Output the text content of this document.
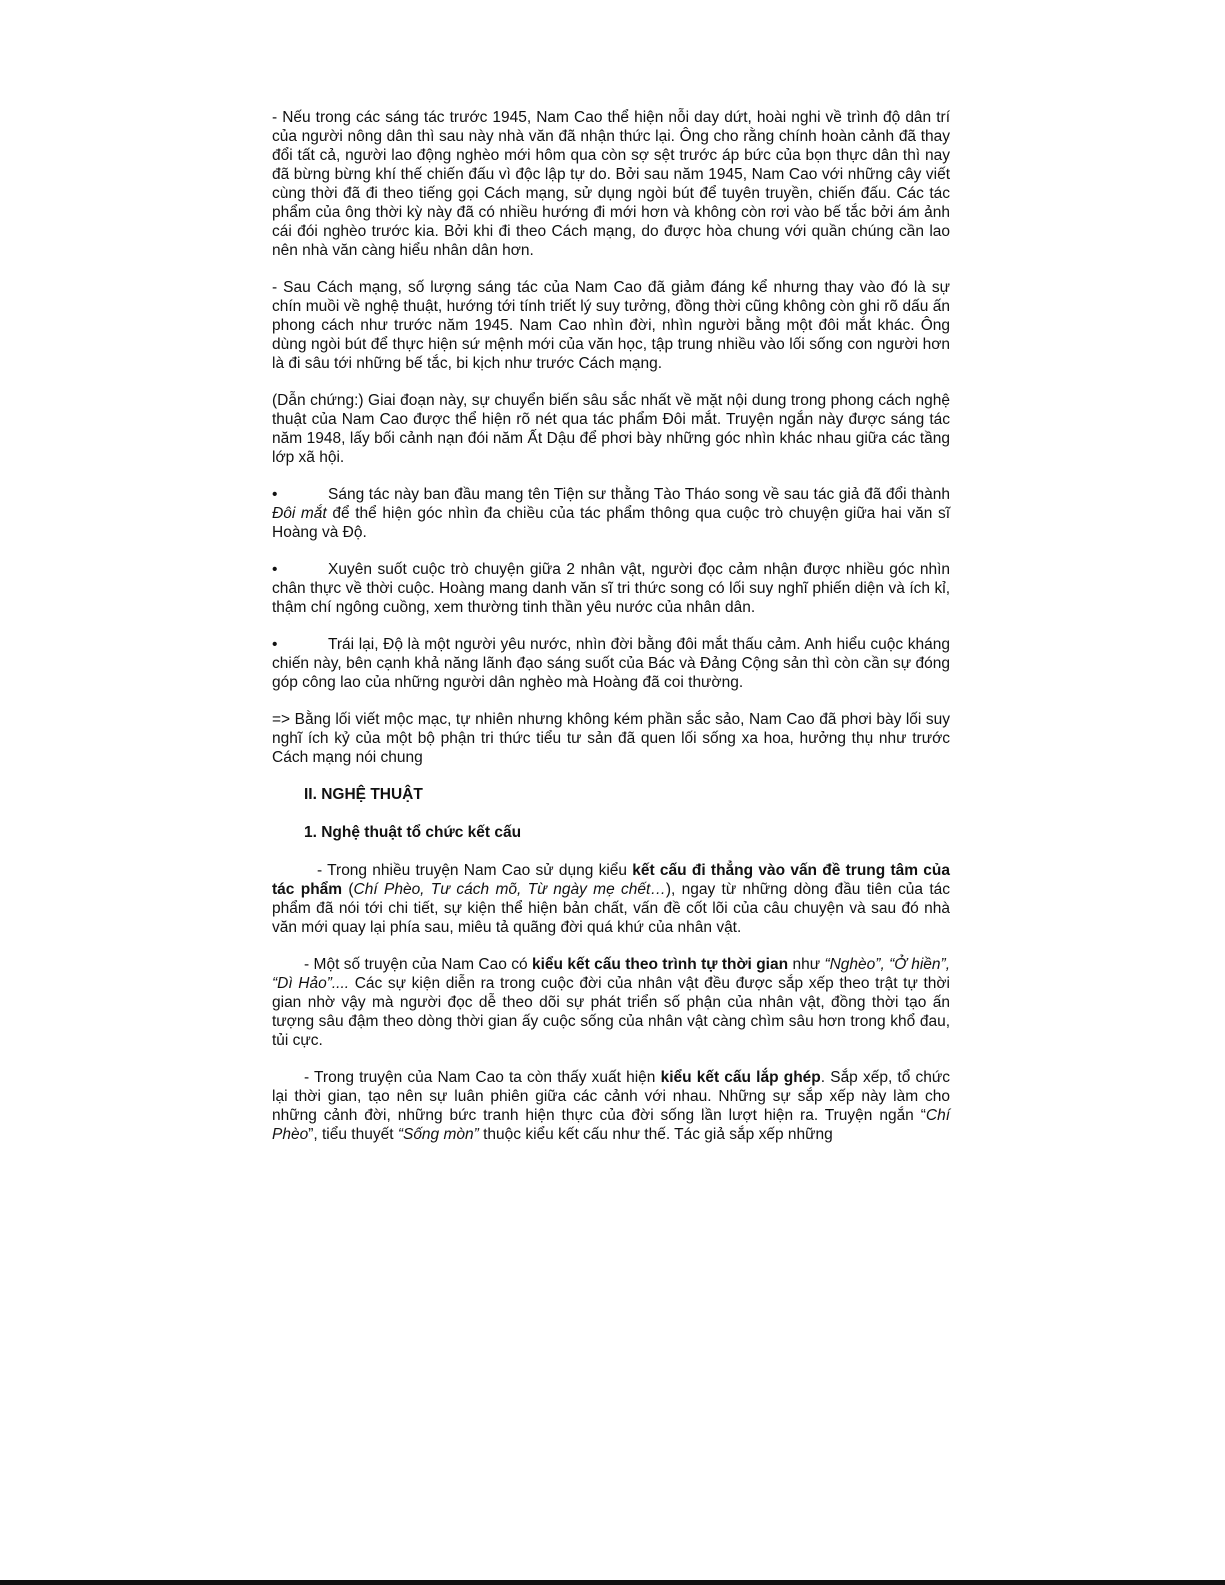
- Nếu trong các sáng tác trước 1945, Nam Cao thể hiện nỗi day dứt, hoài nghi về trình độ dân trí của người nông dân thì sau này nhà văn đã nhận thức lại. Ông cho rằng chính hoàn cảnh đã thay đổi tất cả, người lao động nghèo mới hôm qua còn sợ sệt trước áp bức của bọn thực dân thì nay đã bừng bừng khí thế chiến đấu vì độc lập tự do. Bởi sau năm 1945, Nam Cao với những cây viết cùng thời đã đi theo tiếng gọi Cách mạng, sử dụng ngòi bút để tuyên truyền, chiến đấu. Các tác phẩm của ông thời kỳ này đã có nhiều hướng đi mới hơn và không còn rơi vào bế tắc bởi ám ảnh cái đói nghèo trước kia. Bởi khi đi theo Cách mạng, do được hòa chung với quần chúng cần lao nên nhà văn càng hiểu nhân dân hơn.

- Sau Cách mạng, số lượng sáng tác của Nam Cao đã giảm đáng kể nhưng thay vào đó là sự chín muồi về nghệ thuật, hướng tới tính triết lý suy tưởng, đồng thời cũng không còn ghi rõ dấu ấn phong cách như trước năm 1945. Nam Cao nhìn đời, nhìn người bằng một đôi mắt khác. Ông dùng ngòi bút để thực hiện sứ mệnh mới của văn học, tập trung nhiều vào lối sống con người hơn là đi sâu tới những bế tắc, bi kịch như trước Cách mạng.

(Dẫn chứng:) Giai đoạn này, sự chuyển biến sâu sắc nhất về mặt nội dung trong phong cách nghệ thuật của Nam Cao được thể hiện rõ nét qua tác phẩm Đôi mắt. Truyện ngắn này được sáng tác năm 1948, lấy bối cảnh nạn đói năm Ất Dậu để phơi bày những góc nhìn khác nhau giữa các tầng lớp xã hội.

•	Sáng tác này ban đầu mang tên Tiện sư thằng Tào Tháo song về sau tác giả đã đổi thành Đôi mắt để thể hiện góc nhìn đa chiều của tác phẩm thông qua cuộc trò chuyện giữa hai văn sĩ Hoàng và Độ.

•	Xuyên suốt cuộc trò chuyện giữa 2 nhân vật, người đọc cảm nhận được nhiều góc nhìn chân thực về thời cuộc. Hoàng mang danh văn sĩ tri thức song có lối suy nghĩ phiến diện và ích kỉ, thậm chí ngông cuồng, xem thường tinh thần yêu nước của nhân dân.

•	Trái lại, Độ là một người yêu nước, nhìn đời bằng đôi mắt thấu cảm. Anh hiểu cuộc kháng chiến này, bên cạnh khả năng lãnh đạo sáng suốt của Bác và Đảng Cộng sản thì còn cần sự đóng góp công lao của những người dân nghèo mà Hoàng đã coi thường.

=> Bằng lối viết mộc mạc, tự nhiên nhưng không kém phần sắc sảo, Nam Cao đã phơi bày lối suy nghĩ ích kỷ của một bộ phận tri thức tiểu tư sản đã quen lối sống xa hoa, hưởng thụ như trước Cách mạng nói chung

II. NGHỆ THUẬT

1. Nghệ thuật tổ chức kết cấu

- Trong nhiều truyện Nam Cao sử dụng kiểu kết cấu đi thẳng vào vấn đề trung tâm của tác phẩm (Chí Phèo, Tư cách mõ, Từ ngày mẹ chết…), ngay từ những dòng đầu tiên của tác phẩm đã nói tới chi tiết, sự kiện thể hiện bản chất, vấn đề cốt lõi của câu chuyện và sau đó nhà văn mới quay lại phía sau, miêu tả quãng đời quá khứ của nhân vật.

- Một số truyện của Nam Cao có kiểu kết cấu theo trình tự thời gian như “Nghèo”, “Ở hiền”, “Dì Hảo”.... Các sự kiện diễn ra trong cuộc đời của nhân vật đều được sắp xếp theo trật tự thời gian nhờ vậy mà người đọc dễ theo dõi sự phát triển số phận của nhân vật, đồng thời tạo ấn tượng sâu đậm theo dòng thời gian ấy cuộc sống của nhân vật càng chìm sâu hơn trong khổ đau, tủi cực.

- Trong truyện của Nam Cao ta còn thấy xuất hiện kiểu kết cấu lắp ghép. Sắp xếp, tổ chức lại thời gian, tạo nên sự luân phiên giữa các cảnh với nhau. Những sự sắp xếp này làm cho những cảnh đời, những bức tranh hiện thực của đời sống lần lượt hiện ra. Truyện ngắn “Chí Phèo”, tiểu thuyết “Sống mòn” thuộc kiểu kết cấu như thế. Tác giả sắp xếp những
